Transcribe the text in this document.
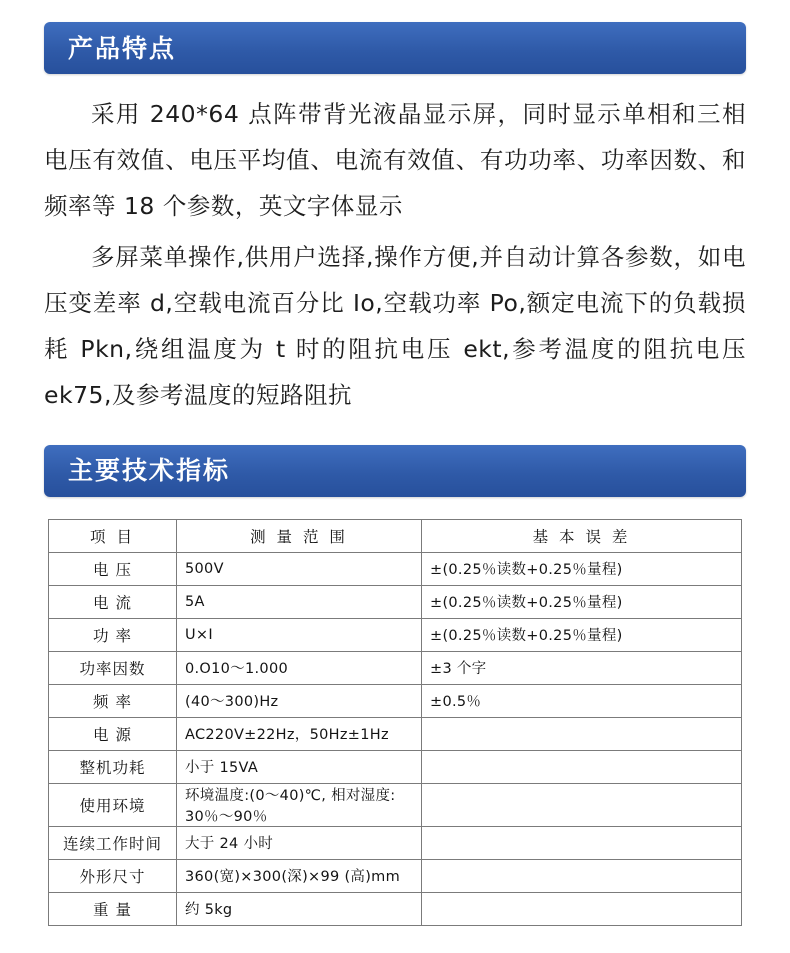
产品特点

采用 240*64 点阵带背光液晶显示屏，同时显示单相和三相电压有效值、电压平均值、电流有效值、有功功率、功率因数、和频率等 18 个参数，英文字体显示

多屏菜单操作,供用户选择,操作方便,并自动计算各参数，如电压变差率 d,空载电流百分比 Io,空载功率 Po,额定电流下的负载损耗 Pkn,绕组温度为 t 时的阻抗电压 ekt,参考温度的阻抗电压 ek75,及参考温度的短路阻抗

主要技术指标
项 目	测 量 范 围	基 本 误 差
电 压	500V	±(0.25％读数+0.25％量程)
电 流	5A	±(0.25％读数+0.25％量程)
功 率	U×I	±(0.25％读数+0.25％量程)
功率因数	0.O10～1.000	±3 个字
频 率	(40～300)Hz	±0.5％
电 源	AC220V±22Hz，50Hz±1Hz	
整机功耗	小于 15VA	
使用环境	环境温度:(0～40)℃, 相对湿度: 30％～90％	
连续工作时间	大于 24 小时	
外形尺寸	360(宽)×300(深)×99 (高)mm	
重 量	约 5kg	
